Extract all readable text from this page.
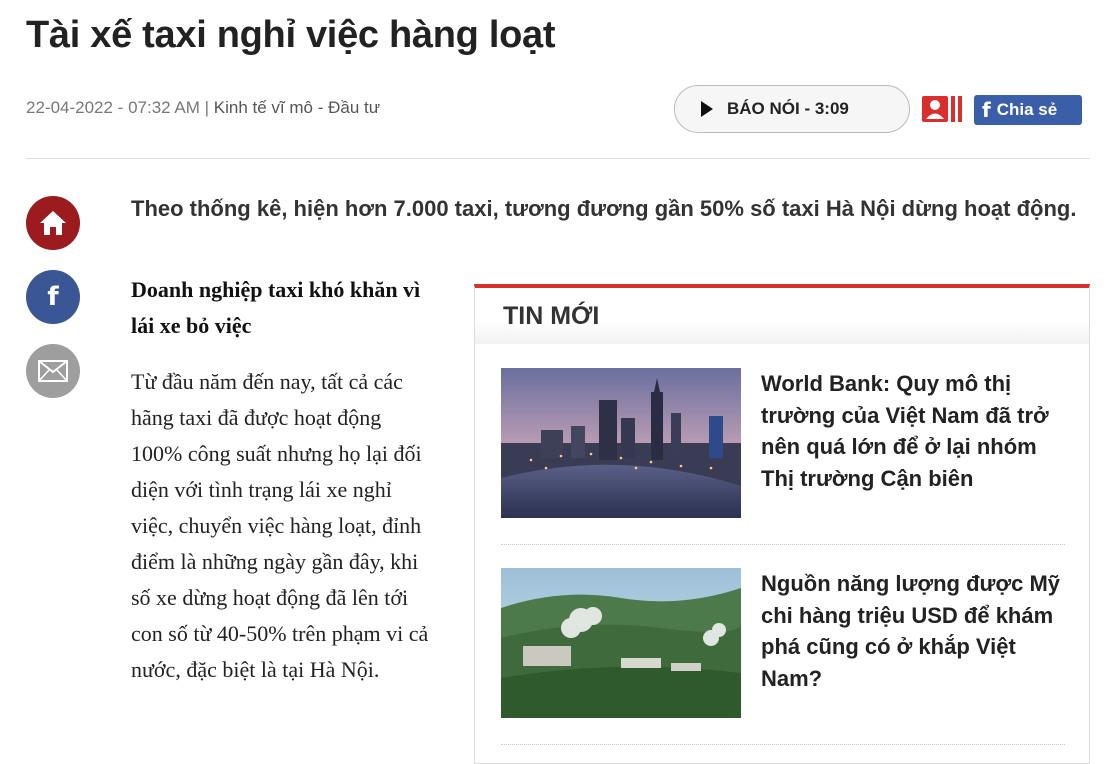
Tài xế taxi nghỉ việc hàng loạt
22-04-2022 - 07:32 AM | Kinh tế vĩ mô - Đầu tư	BÁO NÓI - 3:09	f Chia sẻ
f

Theo thống kê, hiện hơn 7.000 taxi, tương đương gần 50% số taxi Hà Nội dừng hoạt động.

Doanh nghiệp taxi khó khăn vì lái xe bỏ việc

Từ đầu năm đến nay, tất cả các hãng taxi đã được hoạt động 100% công suất nhưng họ lại đối diện với tình trạng lái xe nghỉ việc, chuyển việc hàng loạt, đỉnh điểm là những ngày gần đây, khi số xe dừng hoạt động đã lên tới con số từ 40-50% trên phạm vi cả nước, đặc biệt là tại Hà Nội.

TIN MỚI

World Bank: Quy mô thị trường của Việt Nam đã trở nên quá lớn để ở lại nhóm Thị trường Cận biên

Nguồn năng lượng được Mỹ chi hàng triệu USD để khám phá cũng có ở khắp Việt Nam?
